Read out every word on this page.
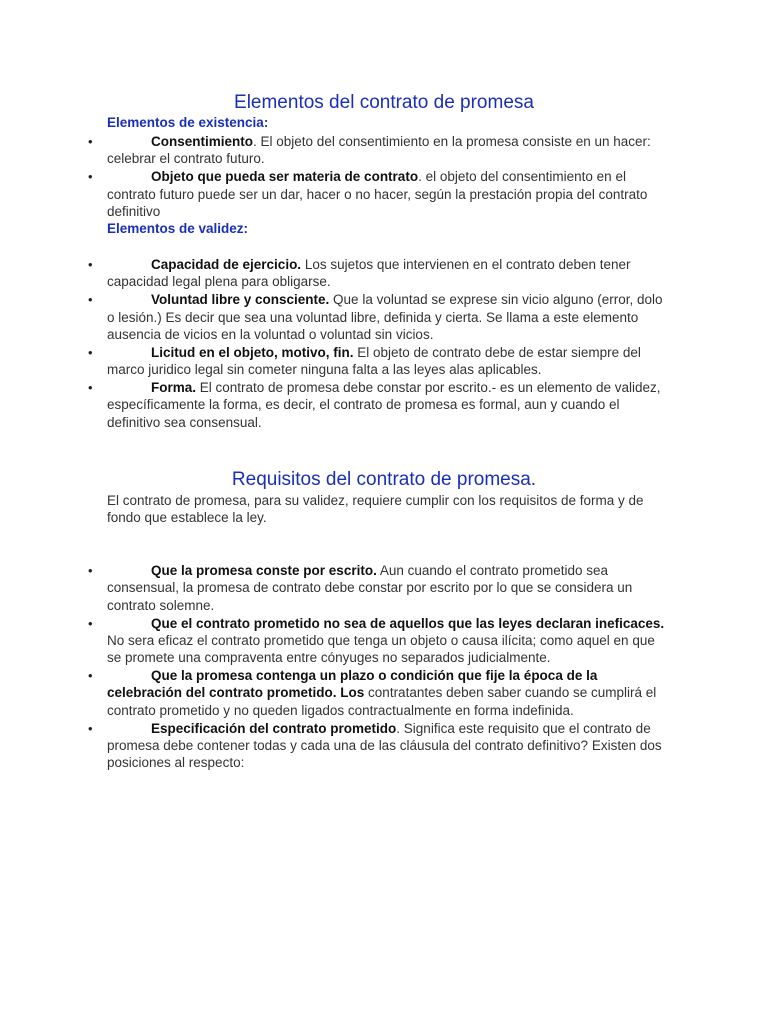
Elementos del contrato de promesa
Elementos de existencia:
•	Consentimiento. El objeto del consentimiento en la promesa consiste en un hacer: celebrar el contrato futuro.
•	Objeto que pueda ser materia de contrato. el objeto del consentimiento en el contrato futuro puede ser un dar, hacer o no hacer, según la prestación propia del contrato definitivo
Elementos de validez:
•	Capacidad de ejercicio. Los sujetos que intervienen en el contrato deben tener capacidad legal plena para obligarse.
•	Voluntad libre y consciente. Que la voluntad se exprese sin vicio alguno (error, dolo o lesión.) Es decir que sea una voluntad libre, definida y cierta. Se llama a este elemento ausencia de vicios en la voluntad o voluntad sin vicios.
•	Licitud en el objeto, motivo, fin. El objeto de contrato debe de estar siempre del marco juridico legal sin cometer ninguna falta a las leyes alas aplicables.
•	Forma. El contrato de promesa debe constar por escrito.- es un elemento de validez, específicamente la forma, es decir, el contrato de promesa es formal, aun y cuando el definitivo sea consensual.
Requisitos del contrato de promesa.

El contrato de promesa, para su validez, requiere cumplir con los requisitos de forma y de fondo que establece la ley.

•	Que la promesa conste por escrito. Aun cuando el contrato prometido sea consensual, la promesa de contrato debe constar por escrito por lo que se considera un contrato solemne.
•	Que el contrato prometido no sea de aquellos que las leyes declaran ineficaces. No sera eficaz el contrato prometido que tenga un objeto o causa ilícita; como aquel en que se promete una compraventa entre cónyuges no separados judicialmente.
•	Que la promesa contenga un plazo o condición que fije la época de la celebración del contrato prometido. Los contratantes deben saber cuando se cumplirá el contrato prometido y no queden ligados contractualmente en forma indefinida.
•	Especificación del contrato prometido. Significa este requisito que el contrato de promesa debe contener todas y cada una de las cláusula del contrato definitivo? Existen dos posiciones al respecto:
